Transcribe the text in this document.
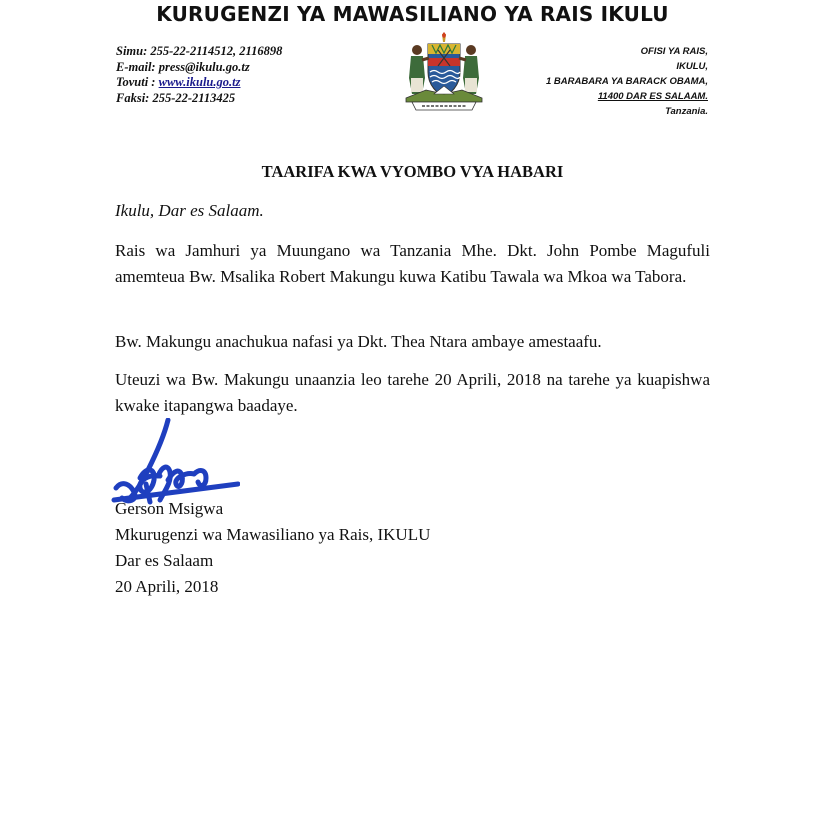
KURUGENZI YA MAWASILIANO YA RAIS IKULU
Simu: 255-22-2114512, 2116898
E-mail: press@ikulu.go.tz
Tovuti : www.ikulu.go.tz
Faksi: 255-22-2113425
OFISI YA RAIS,
IKULU,
1 BARABARA YA BARACK OBAMA,
11400 DAR ES SALAAM.
Tanzania.
TAARIFA KWA VYOMBO VYA HABARI
Ikulu, Dar es Salaam.
Rais wa Jamhuri ya Muungano wa Tanzania Mhe. Dkt. John Pombe Magufuli amemteua Bw. Msalika Robert Makungu kuwa Katibu Tawala wa Mkoa wa Tabora.
Bw. Makungu anachukua nafasi ya Dkt. Thea Ntara ambaye amestaafu.
Uteuzi wa Bw. Makungu unaanzia leo tarehe 20 Aprili, 2018 na tarehe ya kuapishwa kwake itapangwa baadaye.
Gerson Msigwa
Mkurugenzi wa Mawasiliano ya Rais, IKULU
Dar es Salaam
20 Aprili, 2018
